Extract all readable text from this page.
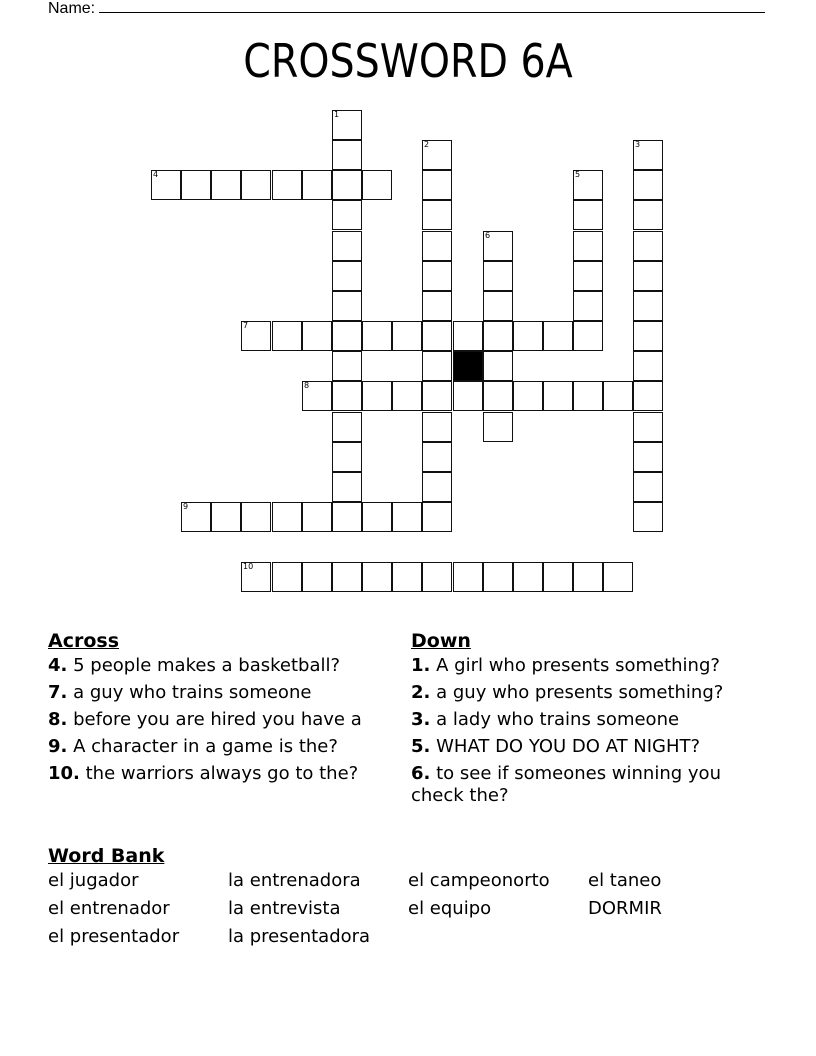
Name:
CROSSWORD 6A
1
2	3
4	5
6
7
8
9
10
Across
4. 5 people makes a basketball?
7. a guy who trains someone
8. before you are hired you have a
9. A character in a game is the?
10. the warriors always go to the?
Down
1. A girl who presents something?
2. a guy who presents something?
3. a lady who trains someone
5. WHAT DO YOU DO AT NIGHT?
6. to see if someones winning you check the?
Word Bank
el jugador	la entrenadora	el campeonorto	el taneo
el entrenador	la entrevista	el equipo	DORMIR
el presentador	la presentadora
